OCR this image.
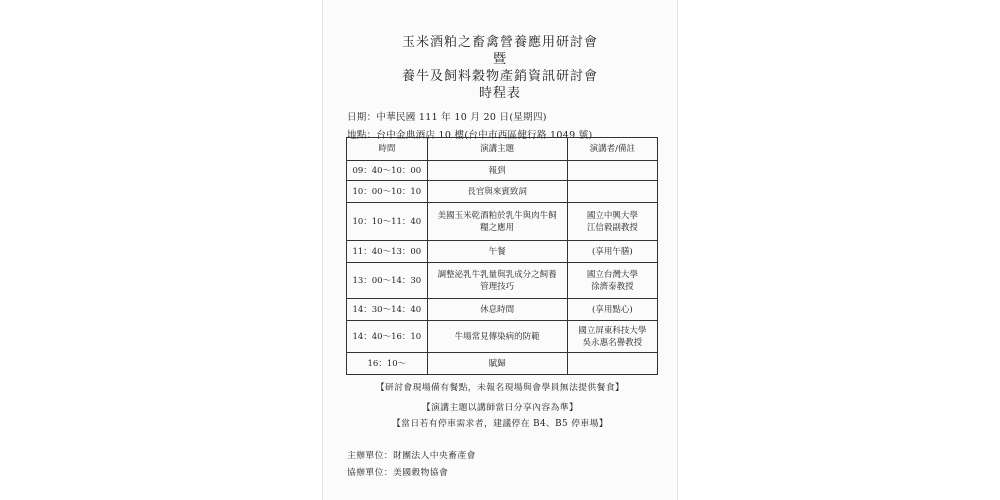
玉米酒粕之畜禽營養應用研討會
暨
養牛及飼料穀物產銷資訊研討會
時程表
日期：中華民國 111 年 10 月 20 日(星期四)
地點：台中金典酒店 10 樓(台中市西區健行路 1049 號)
時間	演講主題	演講者/備註
09：40～10：00	報到	
10：00～10：10	長官與來賓致詞	
10：10～11：40	美國玉米乾酒粕於乳牛與肉牛飼
糧之應用	國立中興大學
江信毅副教授
11：40～13：00	午餐	(享用午膳)
13：00～14：30	調整泌乳牛乳量與乳成分之飼養
管理技巧	國立台灣大學
徐濟泰教授
14：30～14：40	休息時間	(享用點心)
14：40～16：10	牛場常見傳染病的防範	國立屏東科技大學
吳永惠名譽教授
16：10～	賦歸	
【研討會現場備有餐點，未報名現場與會學員無法提供餐食】
【演講主題以講師當日分享內容為準】
【當日若有停車需求者，建議停在 B4、B5 停車場】
主辦單位：財團法人中央畜產會
協辦單位：美國穀物協會
